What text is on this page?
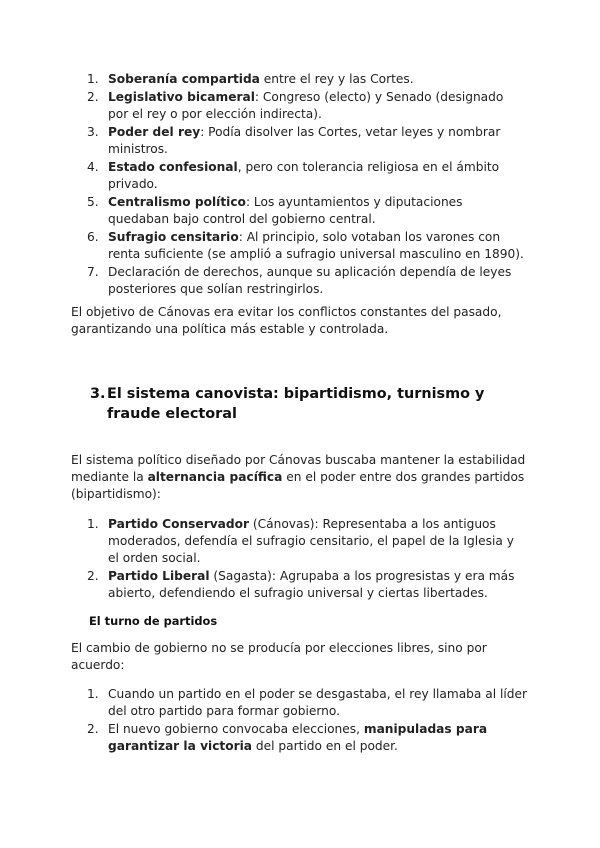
1. Soberanía compartida entre el rey y las Cortes.
2. Legislativo bicameral: Congreso (electo) y Senado (designado por el rey o por elección indirecta).
3. Poder del rey: Podía disolver las Cortes, vetar leyes y nombrar ministros.
4. Estado confesional, pero con tolerancia religiosa en el ámbito privado.
5. Centralismo político: Los ayuntamientos y diputaciones quedaban bajo control del gobierno central.
6. Sufragio censitario: Al principio, solo votaban los varones con renta suficiente (se amplió a sufragio universal masculino en 1890).
7. Declaración de derechos, aunque su aplicación dependía de leyes posteriores que solían restringirlos.

El objetivo de Cánovas era evitar los conflictos constantes del pasado, garantizando una política más estable y controlada.

3. El sistema canovista: bipartidismo, turnismo y fraude electoral

El sistema político diseñado por Cánovas buscaba mantener la estabilidad mediante la alternancia pacífica en el poder entre dos grandes partidos (bipartidismo):

1. Partido Conservador (Cánovas): Representaba a los antiguos moderados, defendía el sufragio censitario, el papel de la Iglesia y el orden social.
2. Partido Liberal (Sagasta): Agrupaba a los progresistas y era más abierto, defendiendo el sufragio universal y ciertas libertades.
El turno de partidos

El cambio de gobierno no se producía por elecciones libres, sino por acuerdo:

1. Cuando un partido en el poder se desgastaba, el rey llamaba al líder del otro partido para formar gobierno.
2. El nuevo gobierno convocaba elecciones, manipuladas para garantizar la victoria del partido en el poder.
